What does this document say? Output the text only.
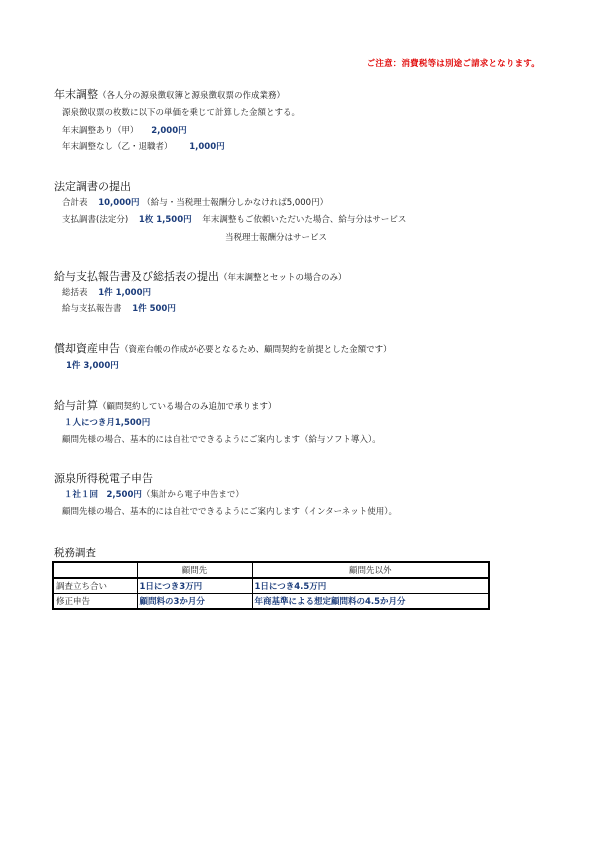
ご注意：消費税等は別途ご請求となります。
年末調整（各人分の源泉徴収簿と源泉徴収票の作成業務）
源泉徴収票の枚数に以下の単価を乗じて計算した金額とする。
年末調整あり（甲） 2,000円
年末調整なし（乙・退職者） 1,000円
法定調書の提出
合計表 10,000円 （給与・当税理士報酬分しかなければ5,000円）
支払調書(法定分) 1枚 1,500円 年末調整もご依頼いただいた場合、給与分はサービス
当税理士報酬分はサービス
給与支払報告書及び総括表の提出（年末調整とセットの場合のみ）
総括表 1件 1,000円
給与支払報告書 1件 500円
償却資産申告（資産台帳の作成が必要となるため、顧問契約を前提とした金額です）
1件 3,000円
給与計算（顧問契約している場合のみ追加で承ります）
１人につき月1,500円
顧問先様の場合、基本的には自社でできるようにご案内します（給与ソフト導入）。
源泉所得税電子申告
１社１回　2,500円（集計から電子申告まで）
顧問先様の場合、基本的には自社でできるようにご案内します（インターネット使用）。
税務調査
	顧問先	顧問先以外
調査立ち合い	1日につき3万円	1日につき4.5万円
修正申告	顧問料の3か月分	年商基準による想定顧問料の4.5か月分
